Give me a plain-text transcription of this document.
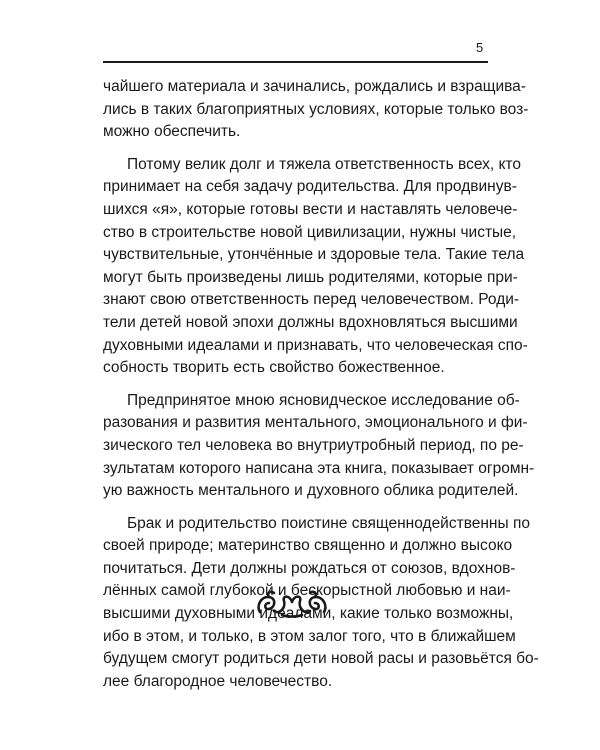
5

чайшего материала и зачинались, рождались и взращива-
лись в таких благоприятных условиях, которые только воз-
можно обеспечить.

Потому велик долг и тяжела ответственность всех, кто
принимает на себя задачу родительства. Для продвинув-
шихся «я», которые готовы вести и наставлять человече-
ство в строительстве новой цивилизации, нужны чистые,
чувствительные, утончённые и здоровые тела. Такие тела
могут быть произведены лишь родителями, которые при-
знают свою ответственность перед человечеством. Роди-
тели детей новой эпохи должны вдохновляться высшими
духовными идеалами и признавать, что человеческая спо-
собность творить есть свойство божественное.

Предпринятое мною ясновидческое исследование об-
разования и развития ментального, эмоционального и фи-
зического тел человека во внутриутробный период, по ре-
зультатам которого написана эта книга, показывает огромн-
ую важность ментального и духовного облика родителей.

Брак и родительство поистине священнодейственны по
своей природе; материнство священно и должно высоко
почитаться. Дети должны рождаться от союзов, вдохнов-
лённых самой глубокой и бескорыстной любовью и наи-
высшими духовными идеалами, какие только возможны,
ибо в этом, и только, в этом залог того, что в ближайшем
будущем смогут родиться дети новой расы и разовьётся бо-
лее благородное человечество.
